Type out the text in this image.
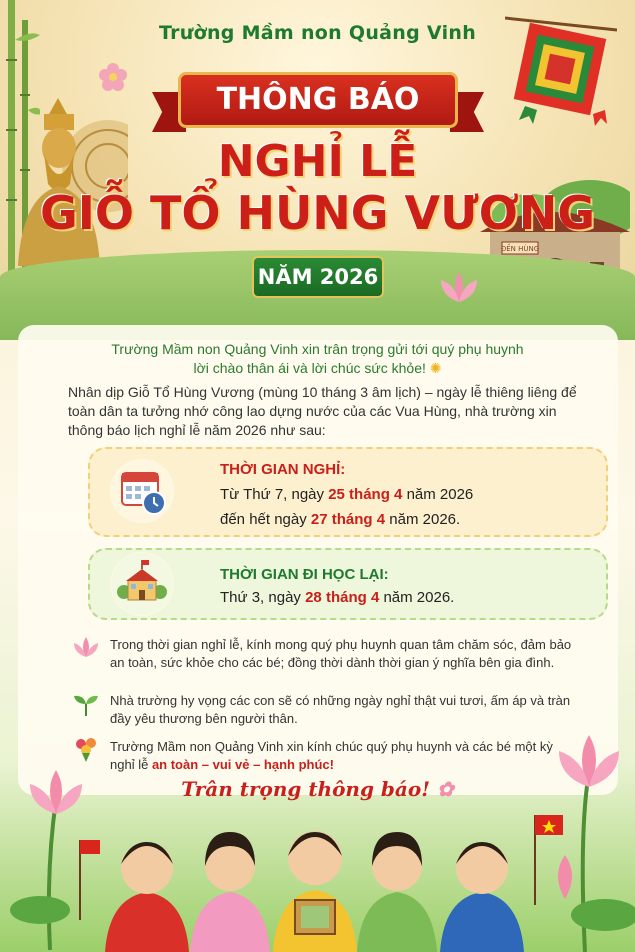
ĐỀN HÙNG
Trường Mầm non Quảng Vinh
THÔNG BÁO
NGHỈ LỄ
GIỖ TỔ HÙNG VƯƠNG
NĂM 2026
Trường Mầm non Quảng Vinh xin trân trọng gửi tới quý phụ huynh
lời chào thân ái và lời chúc sức khỏe! ✺
Nhân dịp Giỗ Tổ Hùng Vương (mùng 10 tháng 3 âm lịch) – ngày lễ thiêng liêng để toàn dân ta tưởng nhớ công lao dựng nước của các Vua Hùng, nhà trường xin thông báo lịch nghỉ lễ năm 2026 như sau:
THỜI GIAN NGHỈ:
Từ Thứ 7, ngày 25 tháng 4 năm 2026
đến hết ngày 27 tháng 4 năm 2026.
THỜI GIAN ĐI HỌC LẠI:
Thứ 3, ngày 28 tháng 4 năm 2026.
Trong thời gian nghỉ lễ, kính mong quý phụ huynh quan tâm chăm sóc, đảm bảo an toàn, sức khỏe cho các bé; đồng thời dành thời gian ý nghĩa bên gia đình.
Nhà trường hy vọng các con sẽ có những ngày nghỉ thật vui tươi, ấm áp và tràn đầy yêu thương bên người thân.
Trường Mầm non Quảng Vinh xin kính chúc quý phụ huynh và các bé một kỳ nghỉ lễ an toàn – vui vẻ – hạnh phúc!
Trân trọng thông báo! ✿
